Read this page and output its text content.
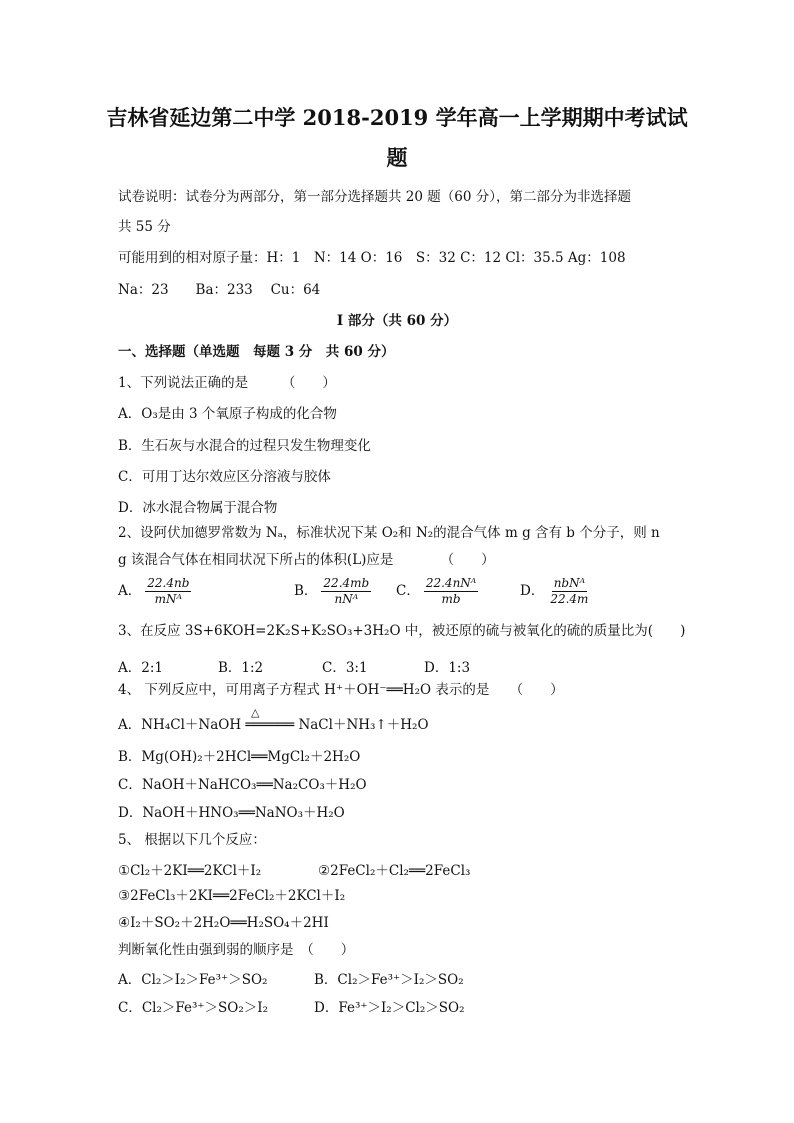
吉林省延边第二中学 2018-2019 学年高一上学期期中考试试
题
试卷说明：试卷分为两部分，第一部分选择题共 20 题（60 分），第二部分为非选择题
共 55 分
可能用到的相对原子量：H：1　N：14 O：16　S：32 C：12 Cl：35.5 Ag：108
Na：23　　Ba：233　 Cu：64
I 部分（共 60 分）
一、选择题（单选题　每题 3 分　共 60 分）
1、下列说法正确的是　　　（　　）
A．O₃是由 3 个氧原子构成的化合物
B．生石灰与水混合的过程只发生物理变化
C．可用丁达尔效应区分溶液与胶体
D．冰水混合物属于混合物
2、设阿伏加德罗常数为 Nₐ，标准状况下某 O₂和 N₂的混合气体 m g 含有 b 个分子，则 n
g 该混合气体在相同状况下所占的体积(L)应是　　　　（　　）
A． $\frac{22.4nb}{\text{mNᴬ}}$	B． $\frac{22.4mb}{\text{nNᴬ}}$ C． $\frac{\text{22.4nNᴬ}}{mb}$	D． $\frac{\text{nbNᴬ}}{22.4m}$
3、在反应 3S+6KOH=2K₂S+K₂SO₃+3H₂O 中，被还原的硫与被氧化的硫的质量比为(　　)
A．2:1	B．1:2	C．3:1	D．1:3
4、 下列反应中，可用离子方程式 H⁺＋OH⁻══H₂O 表示的是　　（　　）
△
A．NH₄Cl＋NaOH ══════ NaCl＋NH₃↑＋H₂O
B．Mg(OH)₂＋2HCl══MgCl₂＋2H₂O
C．NaOH＋NaHCO₃══Na₂CO₃＋H₂O
D．NaOH＋HNO₃══NaNO₃＋H₂O
5、 根据以下几个反应：
①Cl₂＋2KI══2KCl＋I₂	②2FeCl₂＋Cl₂══2FeCl₃
③2FeCl₃＋2KI══2FeCl₂＋2KCl＋I₂
④I₂＋SO₂＋2H₂O══H₂SO₄＋2HI
判断氧化性由强到弱的顺序是　（　　）
A．Cl₂＞I₂＞Fe³⁺＞SO₂	B．Cl₂＞Fe³⁺＞I₂＞SO₂
C．Cl₂＞Fe³⁺＞SO₂＞I₂	D．Fe³⁺＞I₂＞Cl₂＞SO₂
